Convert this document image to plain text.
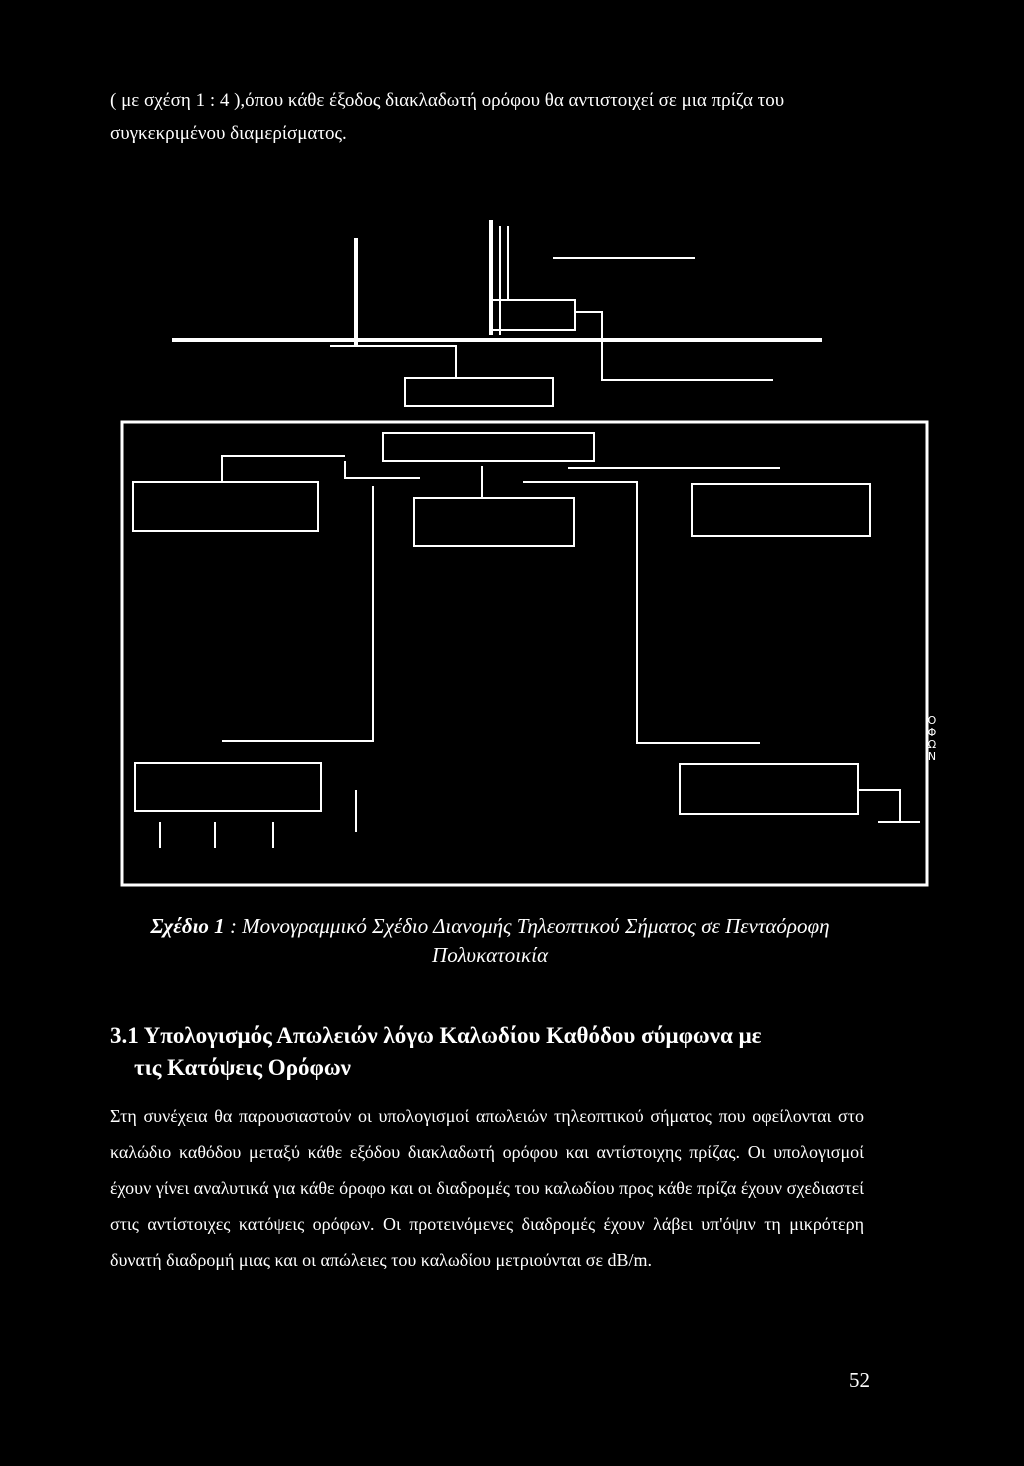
( με σχέση 1 : 4 ),όπου κάθε έξοδος διακλαδωτή ορόφου θα αντιστοιχεί σε μια πρίζα του συγκεκριμένου διαμερίσματος.

O
Φ
Ω
Ν

Σχέδιο 1 : Μονογραμμικό Σχέδιο Διανομής Τηλεοπτικού Σήματος σε Πενταόροφη Πολυκατοικία

3.1 Υπολογισμός Απωλειών λόγω Καλωδίου Καθόδου σύμφωνα με
τις Κατόψεις Ορόφων

Στη συνέχεια θα παρουσιαστούν οι υπολογισμοί απωλειών τηλεοπτικού σήματος που οφείλονται στο καλώδιο καθόδου μεταξύ κάθε εξόδου διακλαδωτή ορόφου και αντίστοιχης πρίζας. Οι υπολογισμοί έχουν γίνει αναλυτικά για κάθε όροφο και οι διαδρομές του καλωδίου προς κάθε πρίζα έχουν σχεδιαστεί στις αντίστοιχες κατόψεις ορόφων. Οι προτεινόμενες διαδρομές έχουν λάβει υπ'όψιν τη μικρότερη δυνατή διαδρομή μιας και οι απώλειες του καλωδίου μετριούνται σε dB/m.

52
